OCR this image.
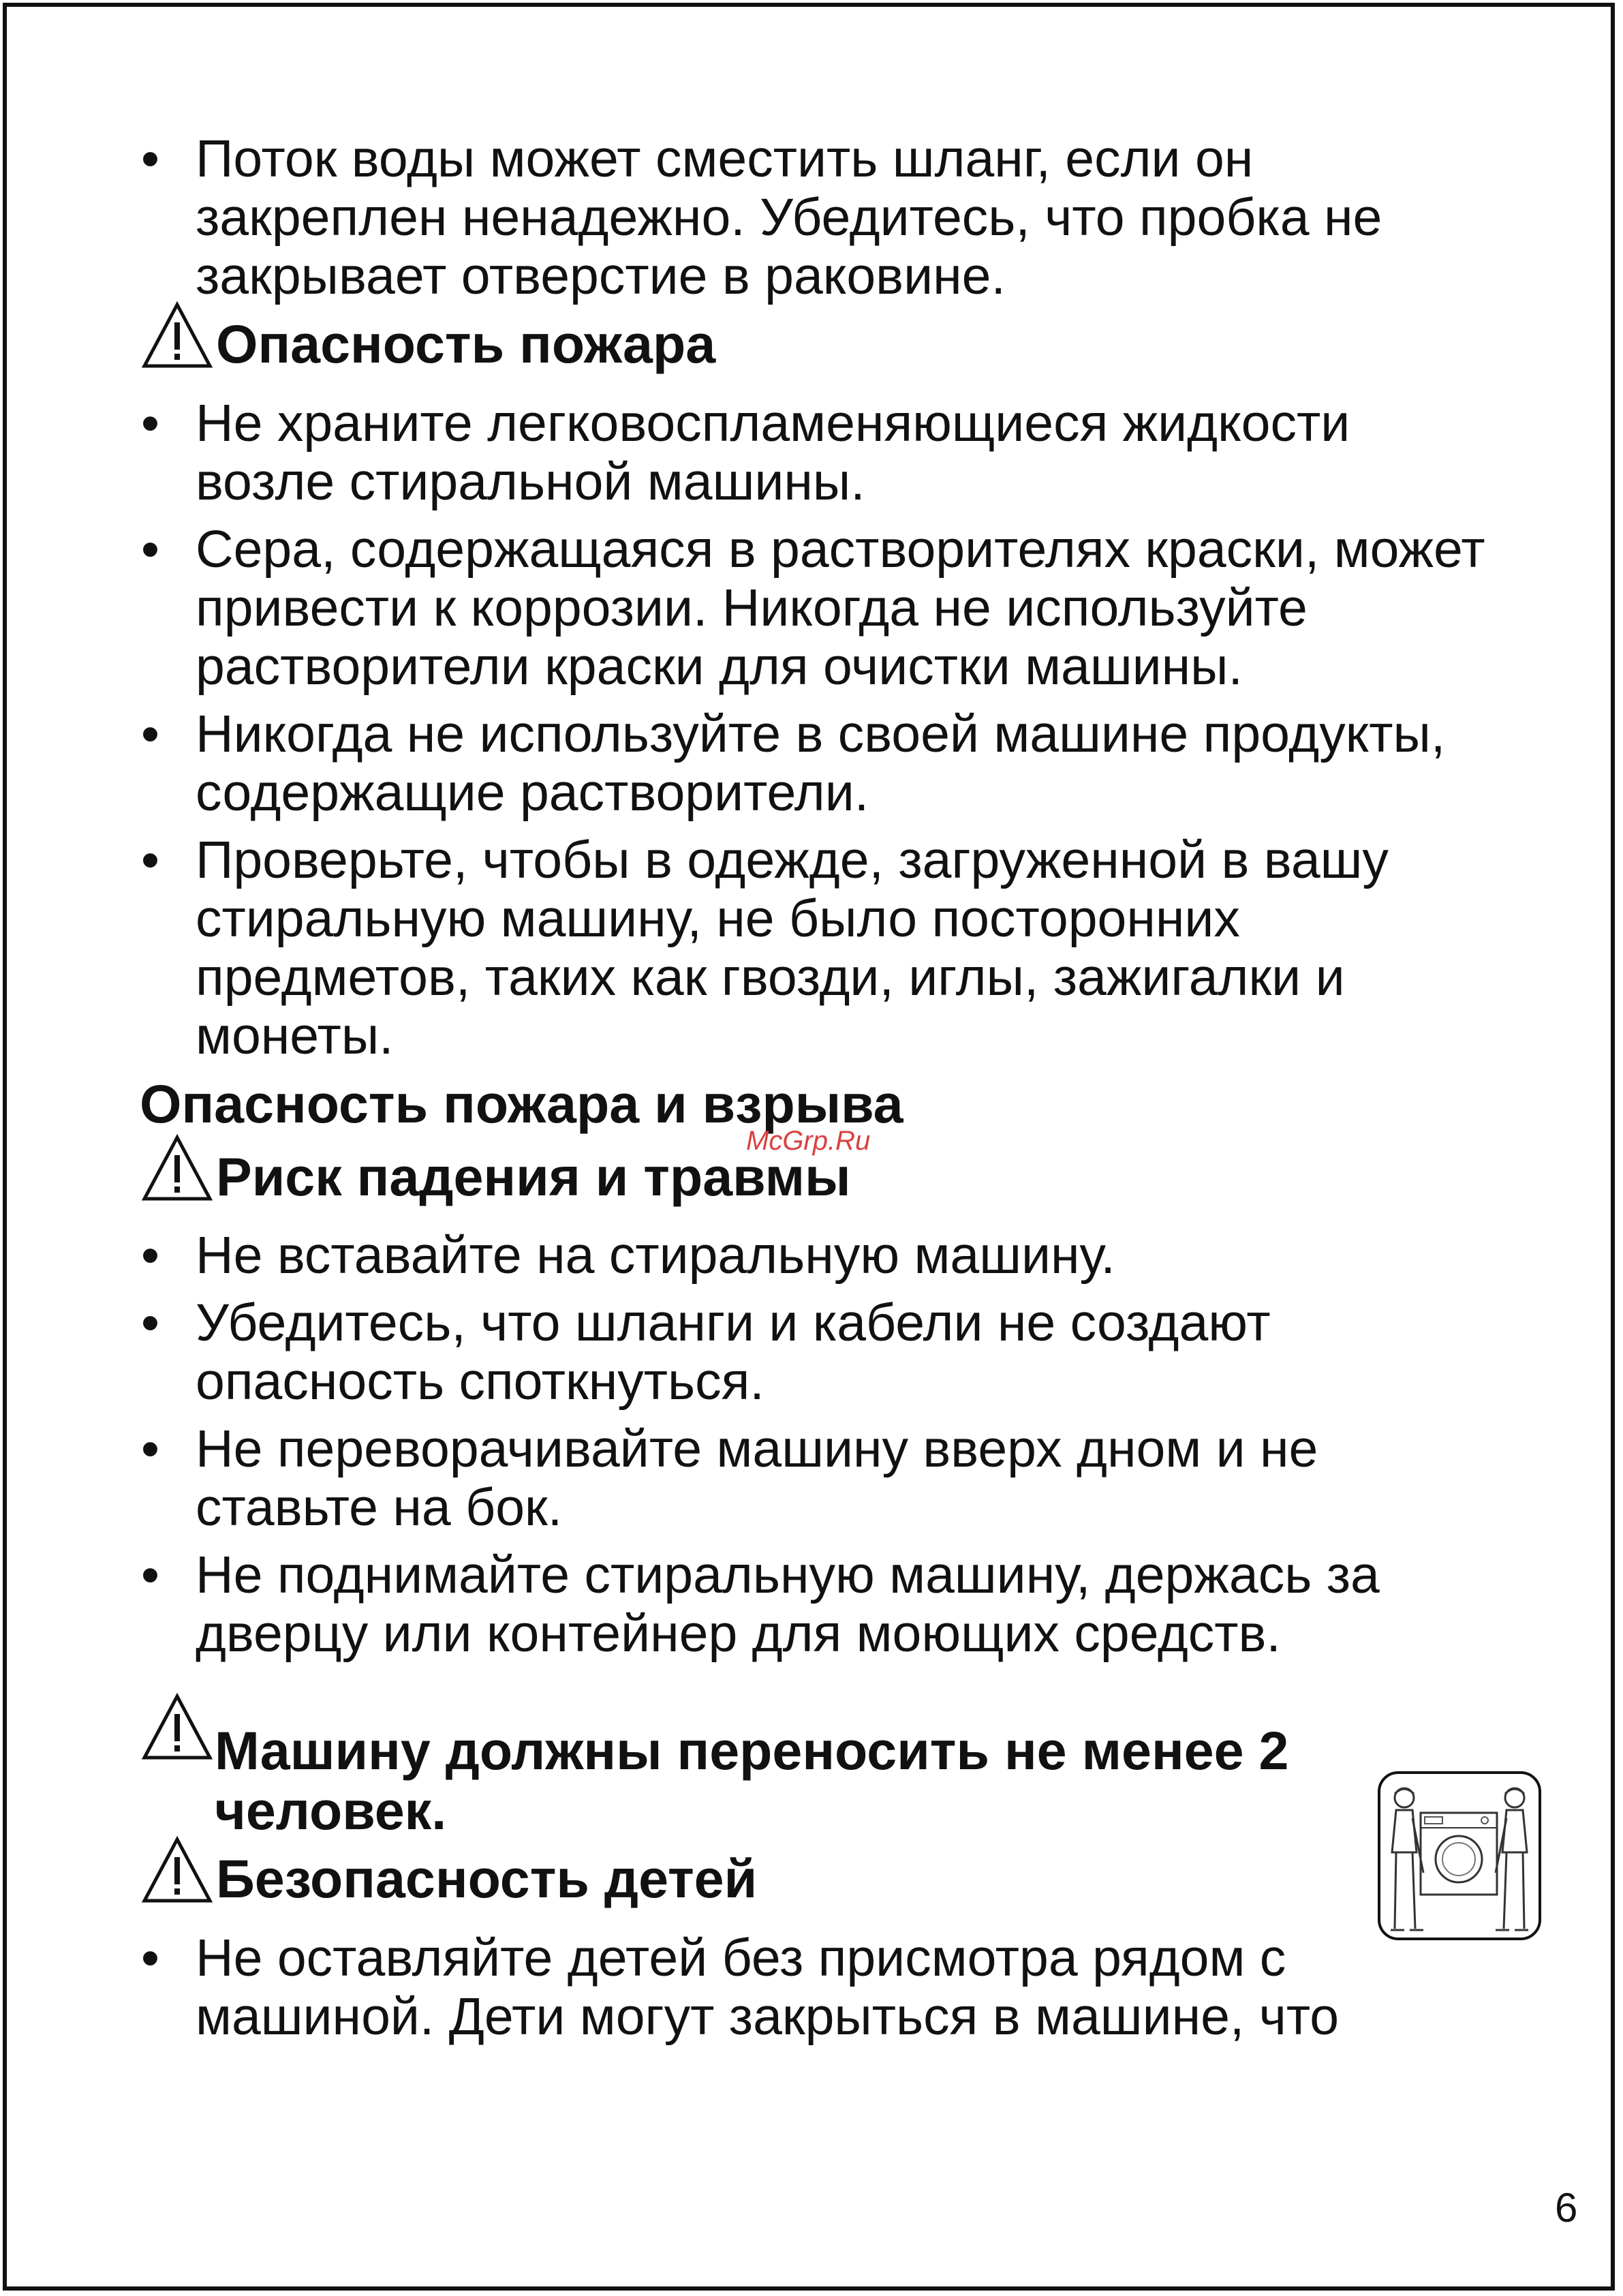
• Поток воды может сместить шланг, если он закреплен ненадежно. Убедитесь, что пробка не закрывает отверстие в раковине.
Опасность пожара
• Не храните легковоспламеняющиеся жидкости возле стиральной машины.
• Сера, содержащаяся в растворителях краски, может привести к коррозии. Никогда не используйте растворители краски для очистки машины.
• Никогда не используйте в своей машине продукты, содержащие растворители.
• Проверьте, чтобы в одежде, загруженной в вашу стиральную машину, не было посторонних предметов, таких как гвозди, иглы, зажигалки и монеты.
Опасность пожара и взрыва
Риск падения и травмы
• Не вставайте на стиральную машину.
• Убедитесь, что шланги и кабели не создают опасность споткнуться.
• Не переворачивайте машину вверх дном и не ставьте на бок.
• Не поднимайте стиральную машину, держась за дверцу или контейнер для моющих средств.
Машину должны переносить не менее 2 человек.
Безопасность детей
• Не оставляйте детей без присмотра рядом с машиной. Дети могут закрыться в машине, что
McGrp.Ru
6
